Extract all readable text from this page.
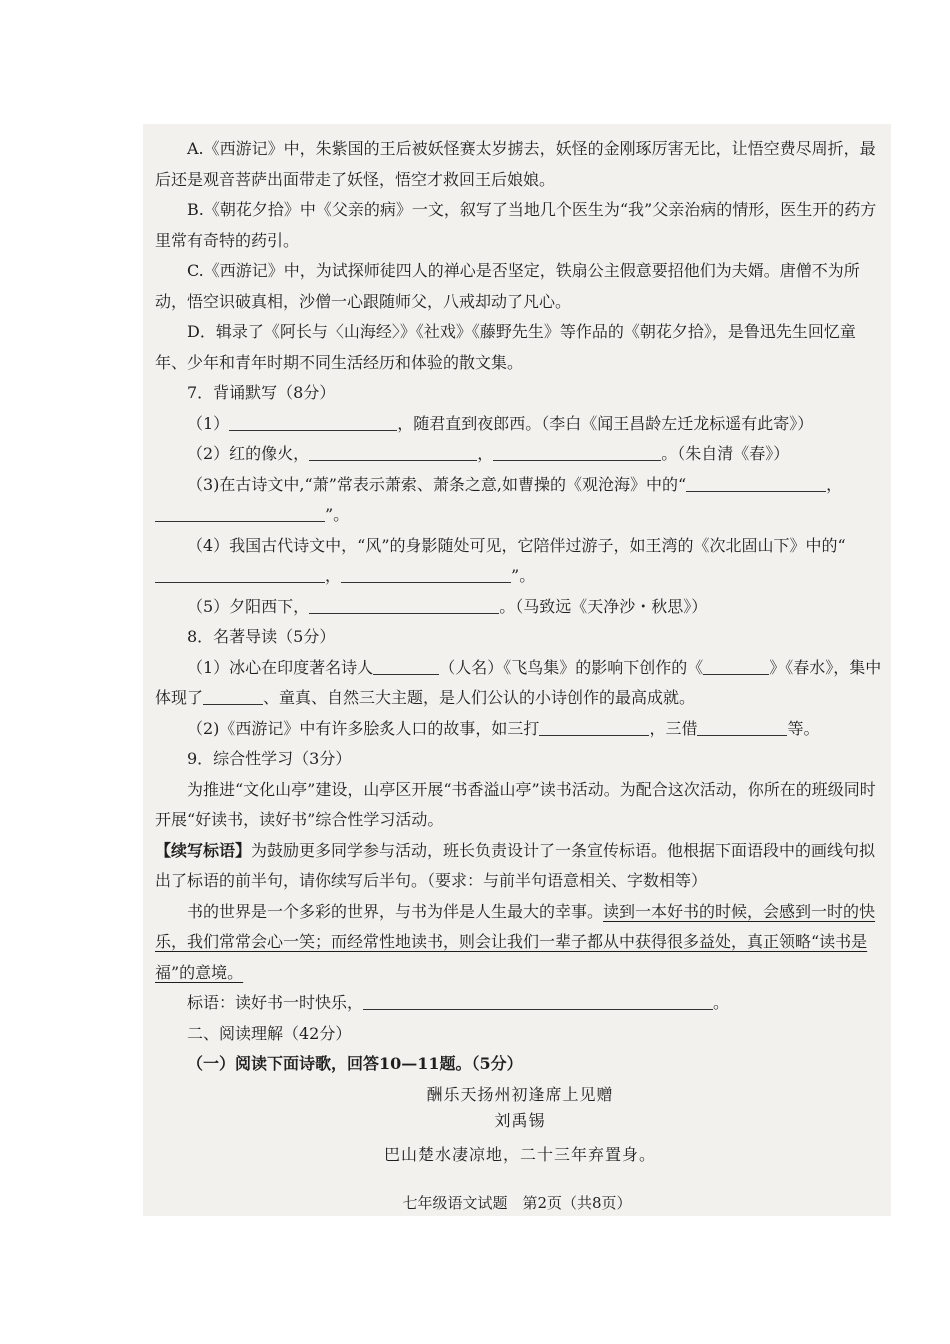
A.《西游记》中，朱紫国的王后被妖怪赛太岁掳去，妖怪的金刚琢厉害无比，让悟空费尽周折，最后还是观音菩萨出面带走了妖怪，悟空才救回王后娘娘。

B.《朝花夕拾》中《父亲的病》一文，叙写了当地几个医生为“我”父亲治病的情形，医生开的药方里常有奇特的药引。

C.《西游记》中，为试探师徒四人的禅心是否坚定，铁扇公主假意要招他们为夫婿。唐僧不为所动，悟空识破真相，沙僧一心跟随师父，八戒却动了凡心。

D．辑录了《阿长与〈山海经〉》《社戏》《藤野先生》等作品的《朝花夕拾》，是鲁迅先生回忆童年、少年和青年时期不同生活经历和体验的散文集。

7．背诵默写（8分）

（1）	，随君直到夜郎西。（李白《闻王昌龄左迁龙标遥有此寄》）

（2）红的像火，	，	。（朱自清《春》）

（3)在古诗文中,“萧”常表示萧索、萧条之意,如曹操的《观沧海》中的“	，”。

（4）我国古代诗文中，“风”的身影随处可见，它陪伴过游子，如王湾的《次北固山下》中的“，	”。

（5）夕阳西下，	。（马致远《天净沙・秋思》）

8．名著导读（5分）

（1）冰心在印度著名诗人	（人名）《飞鸟集》的影响下创作的《	》《春水》，集中体现了	、童真、自然三大主题，是人们公认的小诗创作的最高成就。

（2)《西游记》中有许多脍炙人口的故事，如三打	，三借	等。

9．综合性学习（3分）

为推进“文化山亭”建设，山亭区开展“书香溢山亭”读书活动。为配合这次活动，你所在的班级同时开展“好读书，读好书”综合性学习活动。

【续写标语】为鼓励更多同学参与活动，班长负责设计了一条宣传标语。他根据下面语段中的画线句拟出了标语的前半句，请你续写后半句。（要求：与前半句语意相关、字数相等）

书的世界是一个多彩的世界，与书为伴是人生最大的幸事。读到一本好书的时候，会感到一时的快乐，我们常常会心一笑；而经常性地读书，则会让我们一辈子都从中获得很多益处，真正领略“读书是福”的意境。

标语：读好书一时快乐，	。

二、阅读理解（42分）

（一）阅读下面诗歌，回答10—11题。（5分）

酬乐天扬州初逢席上见赠

刘禹锡

巴山楚水凄凉地，二十三年弃置身。

七年级语文试题　第2页（共8页）
